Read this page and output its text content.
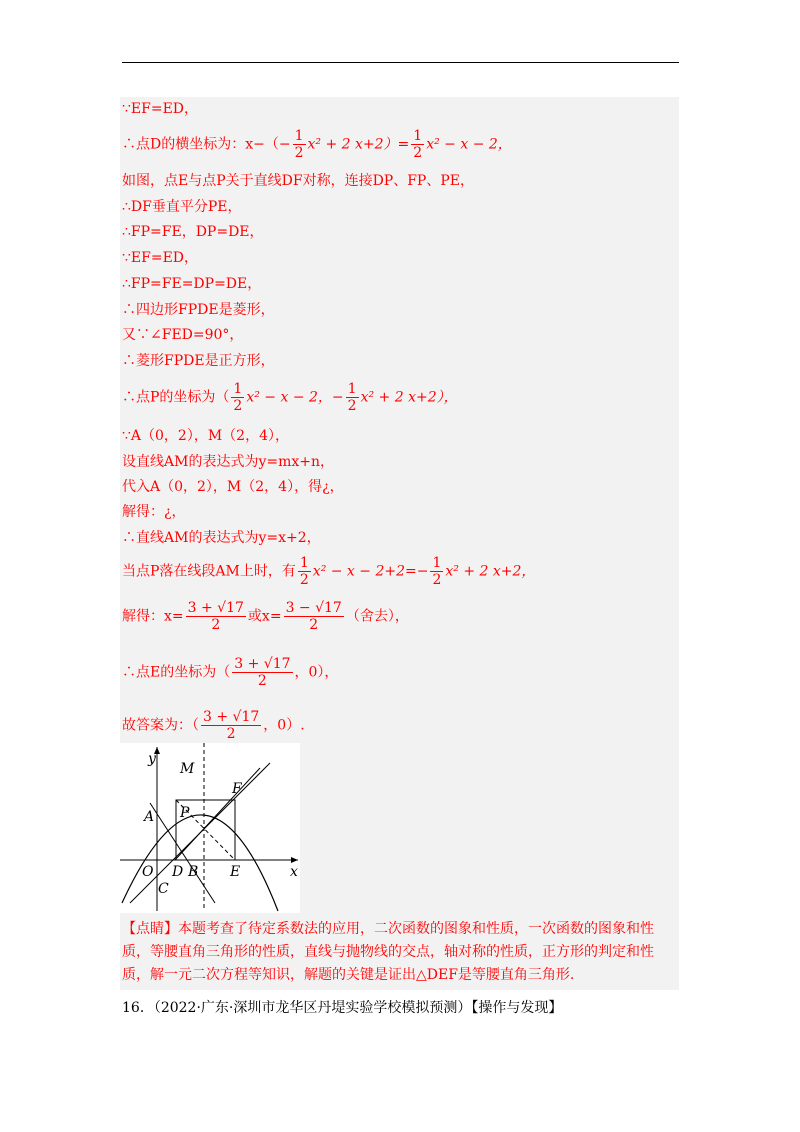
∵EF=ED，
∴点D的横坐标为：$x-(- \frac{1}{2} x^2 + 2$ $x+2)= \frac{1}{2} x^2 - x - 2$，
如图，点E与点P关于直线DF对称，连接DP、FP、PE，
∴DF垂直平分PE，
∴FP=FE，DP=DE，
∵EF=ED，
∴FP=FE=DP=DE，
∴四边形FPDE是菱形，
又∵∠FED=90°，
∴菱形FPDE是正方形，
∴点P的坐标为（ $\frac{1}{2} x^2 - x - 2$，− $\frac{1}{2} x^2 + 2$ x+2），
∵A（0，2），M（2，4），
设直线AM的表达式为y=mx+n，
代入A（0，2），M（2，4），得¿，
解得：¿，
∴直线AM的表达式为y=x+2，
当点P落在线段AM上时，有 $\frac{1}{2} x^2 - x - 2+2=- \frac{1}{2} x^2 + 2$ x+2，
解得：$x= \frac{3 + √17}{2}$ 或$x= \frac{3 - √17}{2}$ （舍去），
∴点E的坐标为（ $\frac{3 + √17}{2}$ ，0），
故答案为：（ $\frac{3 + √17}{2}$ ，0）.
y
x
M
F
A P
O D B E
C
【点睛】本题考查了待定系数法的应用，二次函数的图象和性质，一次函数的图象和性质，等腰直角三角形的性质，直线与抛物线的交点，轴对称的性质，正方形的判定和性质，解一元二次方程等知识，解题的关键是证出△DEF是等腰直角三角形.
16．（2022·广东·深圳市龙华区丹堤实验学校模拟预测）【操作与发现】
